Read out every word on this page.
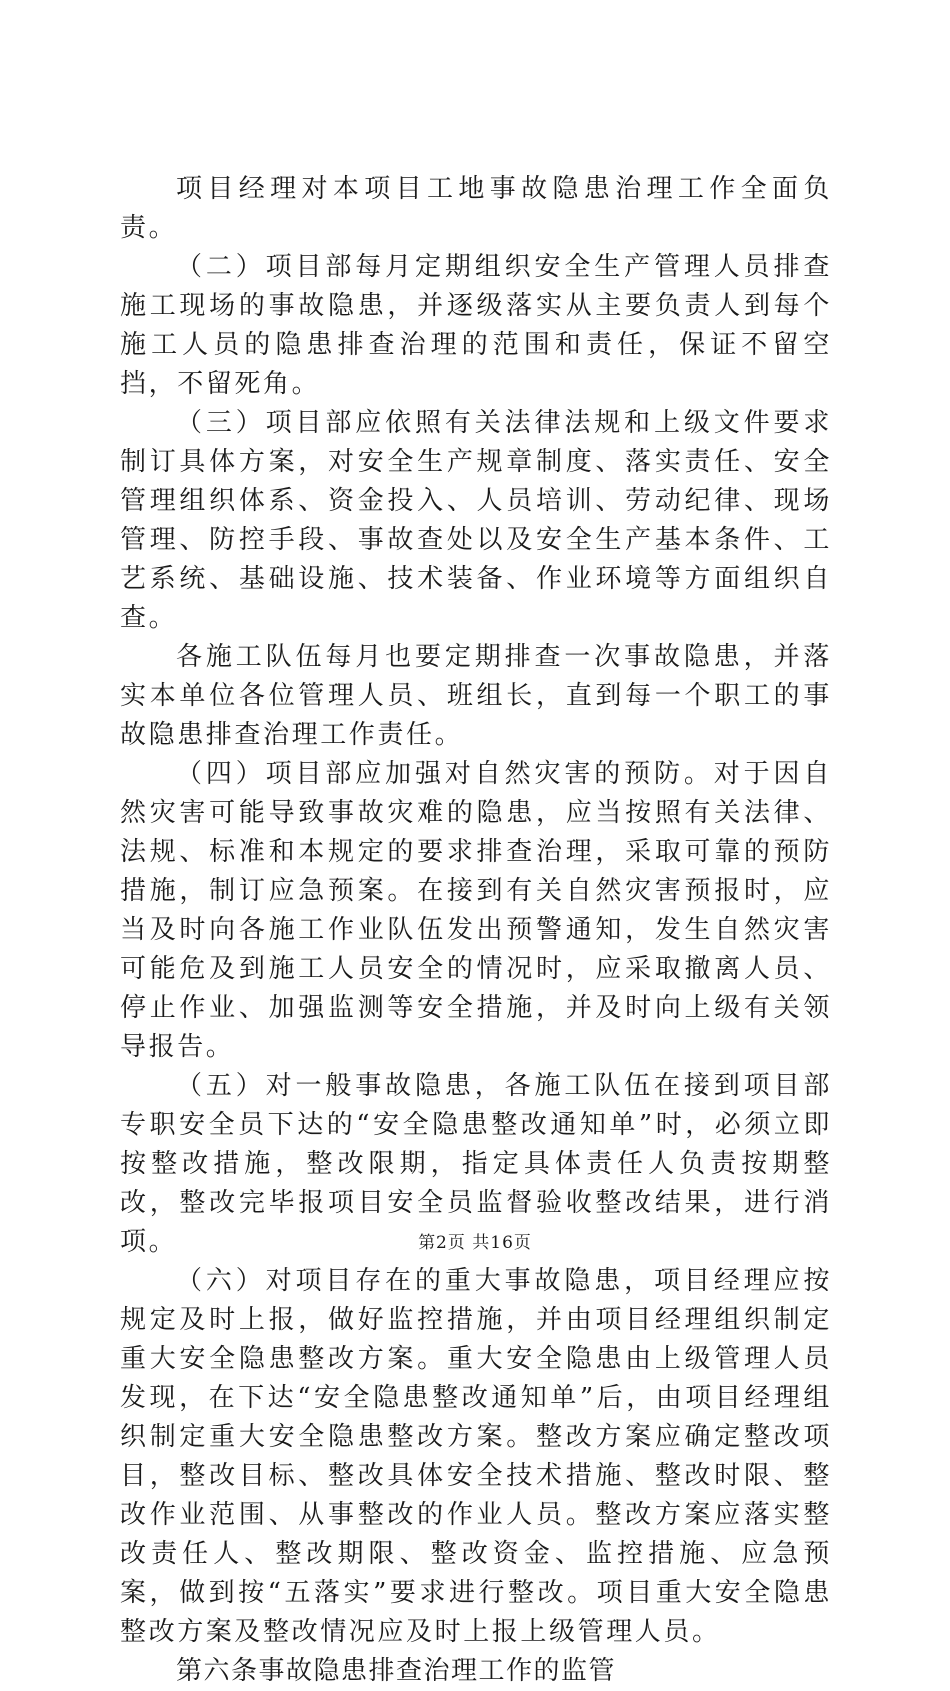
项目经理对本项目工地事故隐患治理工作全面负责。

（二）项目部每月定期组织安全生产管理人员排查施工现场的事故隐患，并逐级落实从主要负责人到每个施工人员的隐患排查治理的范围和责任，保证不留空挡，不留死角。

（三）项目部应依照有关法律法规和上级文件要求制订具体方案，对安全生产规章制度、落实责任、安全管理组织体系、资金投入、人员培训、劳动纪律、现场管理、防控手段、事故查处以及安全生产基本条件、工艺系统、基础设施、技术装备、作业环境等方面组织自查。

各施工队伍每月也要定期排查一次事故隐患，并落实本单位各位管理人员、班组长，直到每一个职工的事故隐患排查治理工作责任。

（四）项目部应加强对自然灾害的预防。对于因自然灾害可能导致事故灾难的隐患，应当按照有关法律、法规、标准和本规定的要求排查治理，采取可靠的预防措施，制订应急预案。在接到有关自然灾害预报时，应当及时向各施工作业队伍发出预警通知，发生自然灾害可能危及到施工人员安全的情况时，应采取撤离人员、停止作业、加强监测等安全措施，并及时向上级有关领导报告。

（五）对一般事故隐患，各施工队伍在接到项目部专职安全员下达的“安全隐患整改通知单”时，必须立即按整改措施，整改限期，指定具体责任人负责按期整改，整改完毕报项目安全员监督验收整改结果，进行消项。

（六）对项目存在的重大事故隐患，项目经理应按规定及时上报，做好监控措施，并由项目经理组织制定重大安全隐患整改方案。重大安全隐患由上级管理人员发现，在下达“安全隐患整改通知单”后，由项目经理组织制定重大安全隐患整改方案。整改方案应确定整改项目，整改目标、整改具体安全技术措施、整改时限、整改作业范围、从事整改的作业人员。整改方案应落实整改责任人、整改期限、整改资金、监控措施、应急预案，做到按“五落实”要求进行整改。项目重大安全隐患整改方案及整改情况应及时上报上级管理人员。

第六条事故隐患排查治理工作的监管

第2页 共16页
